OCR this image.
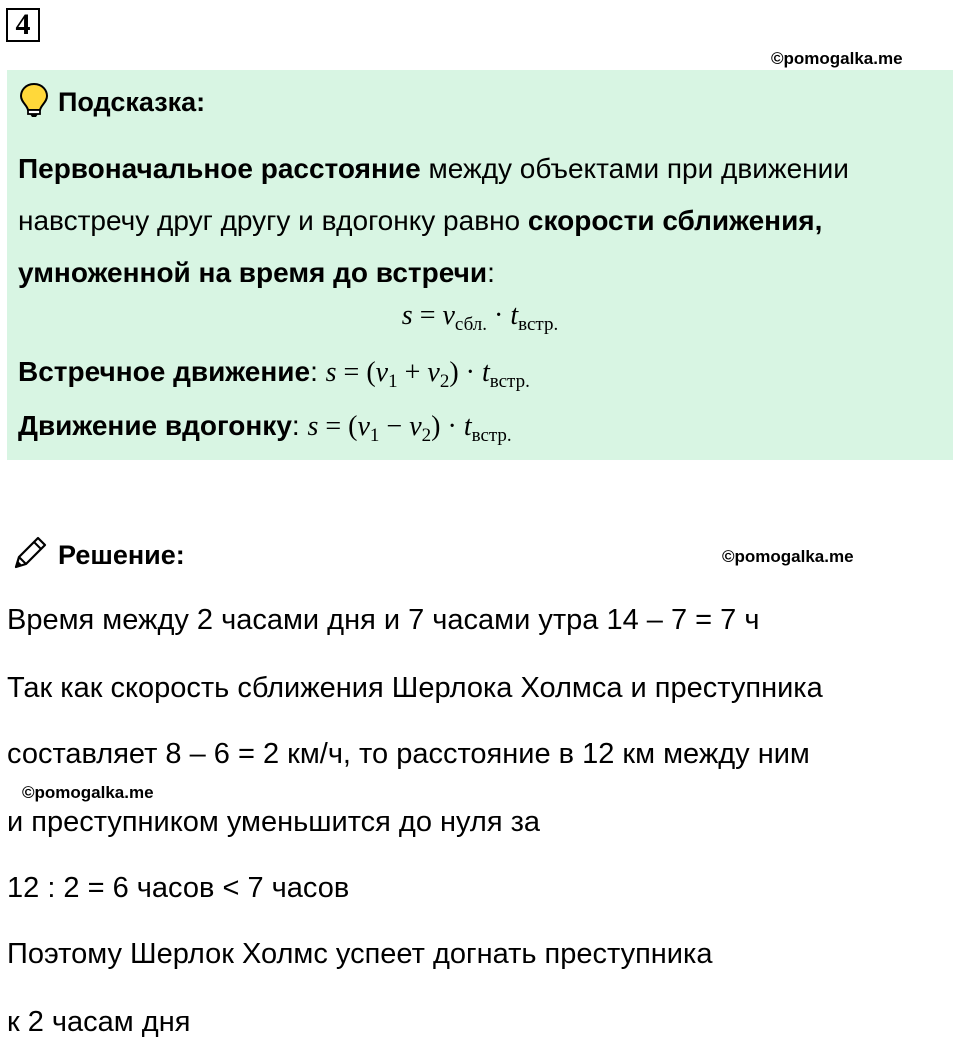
4
©pomogalka.me
Подсказка:
Первоначальное расстояние между объектами при движении навстречу друг другу и вдогонку равно скорости сближения, умноженной на время до встречи:
$s = v_{сбл.} \cdot t_{встр.}$
Встречное движение: $s = (v_1 + v_2) \cdot t_{встр.}$
Движение вдогонку: $s = (v_1 - v_2) \cdot t_{встр.}$
Решение:	©pomogalka.me
Время между 2 часами дня и 7 часами утра 14 – 7 = 7 ч
Так как скорость сближения Шерлока Холмса и преступника
составляет 8 – 6 = 2 км/ч, то расстояние в 12 км между ним
©pomogalka.me
и преступником уменьшится до нуля за
12 : 2 = 6 часов < 7 часов
Поэтому Шерлок Холмс успеет догнать преступника
к 2 часам дня
